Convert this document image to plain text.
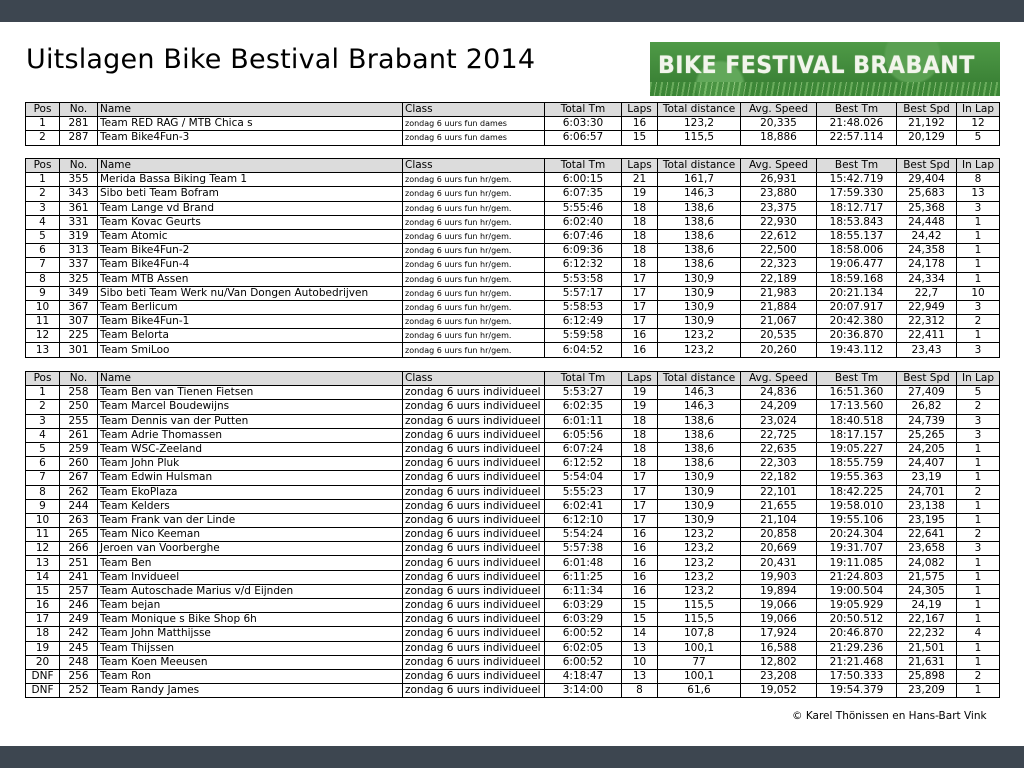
Uitslagen Bike Bestival Brabant 2014	BIKE FESTIVAL BRABANT
Pos	No.	Name	Class	Total Tm	Laps	Total distance	Avg. Speed	Best Tm	Best Spd	In Lap
1	281	Team RED RAG / MTB Chica s	zondag 6 uurs fun dames	6:03:30	16	123,2	20,335	21:48.026	21,192	12
2	287	Team Bike4Fun-3	zondag 6 uurs fun dames	6:06:57	15	115,5	18,886	22:57.114	20,129	5
Pos	No.	Name	Class	Total Tm	Laps	Total distance	Avg. Speed	Best Tm	Best Spd	In Lap
1	355	Merida Bassa Biking Team 1	zondag 6 uurs fun hr/gem.	6:00:15	21	161,7	26,931	15:42.719	29,404	8
2	343	Sibo beti Team Bofram	zondag 6 uurs fun hr/gem.	6:07:35	19	146,3	23,880	17:59.330	25,683	13
3	361	Team Lange vd Brand	zondag 6 uurs fun hr/gem.	5:55:46	18	138,6	23,375	18:12.717	25,368	3
4	331	Team Kovac Geurts	zondag 6 uurs fun hr/gem.	6:02:40	18	138,6	22,930	18:53.843	24,448	1
5	319	Team Atomic	zondag 6 uurs fun hr/gem.	6:07:46	18	138,6	22,612	18:55.137	24,42	1
6	313	Team Bike4Fun-2	zondag 6 uurs fun hr/gem.	6:09:36	18	138,6	22,500	18:58.006	24,358	1
7	337	Team Bike4Fun-4	zondag 6 uurs fun hr/gem.	6:12:32	18	138,6	22,323	19:06.477	24,178	1
8	325	Team MTB Assen	zondag 6 uurs fun hr/gem.	5:53:58	17	130,9	22,189	18:59.168	24,334	1
9	349	Sibo beti Team Werk nu/Van Dongen Autobedrijven	zondag 6 uurs fun hr/gem.	5:57:17	17	130,9	21,983	20:21.134	22,7	10
10	367	Team Berlicum	zondag 6 uurs fun hr/gem.	5:58:53	17	130,9	21,884	20:07.917	22,949	3
11	307	Team Bike4Fun-1	zondag 6 uurs fun hr/gem.	6:12:49	17	130,9	21,067	20:42.380	22,312	2
12	225	Team Belorta	zondag 6 uurs fun hr/gem.	5:59:58	16	123,2	20,535	20:36.870	22,411	1
13	301	Team SmiLoo	zondag 6 uurs fun hr/gem.	6:04:52	16	123,2	20,260	19:43.112	23,43	3
Pos	No.	Name	Class	Total Tm	Laps	Total distance	Avg. Speed	Best Tm	Best Spd	In Lap
1	258	Team Ben van Tienen Fietsen	zondag 6 uurs individueel	5:53:27	19	146,3	24,836	16:51.360	27,409	5
2	250	Team Marcel Boudewijns	zondag 6 uurs individueel	6:02:35	19	146,3	24,209	17:13.560	26,82	2
3	255	Team Dennis van der Putten	zondag 6 uurs individueel	6:01:11	18	138,6	23,024	18:40.518	24,739	3
4	261	Team Adrie Thomassen	zondag 6 uurs individueel	6:05:56	18	138,6	22,725	18:17.157	25,265	3
5	259	Team WSC-Zeeland	zondag 6 uurs individueel	6:07:24	18	138,6	22,635	19:05.227	24,205	1
6	260	Team John Pluk	zondag 6 uurs individueel	6:12:52	18	138,6	22,303	18:55.759	24,407	1
7	267	Team Edwin Hulsman	zondag 6 uurs individueel	5:54:04	17	130,9	22,182	19:55.363	23,19	1
8	262	Team EkoPlaza	zondag 6 uurs individueel	5:55:23	17	130,9	22,101	18:42.225	24,701	2
9	244	Team Kelders	zondag 6 uurs individueel	6:02:41	17	130,9	21,655	19:58.010	23,138	1
10	263	Team Frank van der Linde	zondag 6 uurs individueel	6:12:10	17	130,9	21,104	19:55.106	23,195	1
11	265	Team Nico Keeman	zondag 6 uurs individueel	5:54:24	16	123,2	20,858	20:24.304	22,641	2
12	266	Jeroen van Voorberghe	zondag 6 uurs individueel	5:57:38	16	123,2	20,669	19:31.707	23,658	3
13	251	Team Ben	zondag 6 uurs individueel	6:01:48	16	123,2	20,431	19:11.085	24,082	1
14	241	Team Invidueel	zondag 6 uurs individueel	6:11:25	16	123,2	19,903	21:24.803	21,575	1
15	257	Team Autoschade Marius v/d Eijnden	zondag 6 uurs individueel	6:11:34	16	123,2	19,894	19:00.504	24,305	1
16	246	Team bejan	zondag 6 uurs individueel	6:03:29	15	115,5	19,066	19:05.929	24,19	1
17	249	Team Monique s Bike Shop 6h	zondag 6 uurs individueel	6:03:29	15	115,5	19,066	20:50.512	22,167	1
18	242	Team John Matthijsse	zondag 6 uurs individueel	6:00:52	14	107,8	17,924	20:46.870	22,232	4
19	245	Team Thijssen	zondag 6 uurs individueel	6:02:05	13	100,1	16,588	21:29.236	21,501	1
20	248	Team Koen Meeusen	zondag 6 uurs individueel	6:00:52	10	77	12,802	21:21.468	21,631	1
DNF	256	Team Ron	zondag 6 uurs individueel	4:18:47	13	100,1	23,208	17:50.333	25,898	2
DNF	252	Team Randy James	zondag 6 uurs individueel	3:14:00	8	61,6	19,052	19:54.379	23,209	1
© Karel Thönissen en Hans-Bart Vink
